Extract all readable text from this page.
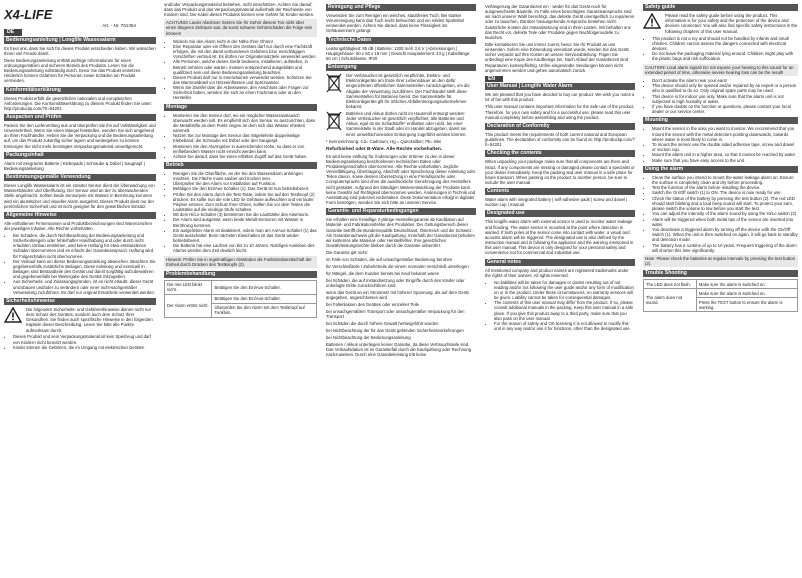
X4-LIFE

Art. - Nr. 701364

DE
Bedienungsanleitung | Longlife Wassesalarm

Es freut uns, dass Sie sich für dieses Produkt entschieden haben. Wir wünschen Ihnen viel Freude damit.

Diese Bedienungsanleitung enthält wichtige Informationen für einen ordnungsgemäßen und sicheren Betrieb des Produkts. Lesen Sie die Bedienungsanleitung vollständig durch, bevor Sie das Produkt einsetzen. Hinderlich können Gefahren für Personen sowie Schäden am Produkt vermieden.

Konformitätserklärung

Dieses Produkt erfüllt die gesetzlichen nationalen und europäischen Anforderungen. Die Konformitätserklärung zu diesem Produkt finden Sie unter: http://productip.com/?h=54201

Auspacken und Prüfen

Packen Sie den Lieferumfang aus und überprüfen Sie ihn auf Vollständigkeit und Unversehrtheit. Wenn Sie einen Mangel feststellen, wenden Sie sich umgehend an Ihren Fachhändler. Heben Sie die Verpackung und die Bedienungsanleitung auf, um das Produkt zukünftig sicher lagern und weitergeben zu können. Entsorgen Sie nicht mehr benötigtes Verpackungsmaterial umweltgerecht.

Packungsinhalt

Alarm mit integrierter Batterie | Klebepads | Schraube & Dübel | Saugnapf | Bedienungsanleitung

Bestimmungsgemäße Verwendung

Dieser Longlife Wassesalarm ist ein smarter Sensor dient der Überwachung von Wasserständen und Überflutung. Der Sensor wird an der zu überwachenden Stelle angebracht. Sollten beide Sensorpole mit Wasser in Berührung kommen wird ein akustischer und visueller Alarm ausgelöst. Dieses Produkt dient nur der persönlichen Sicherheit und ist nicht geeignet für den gewerblichen Einsatz.

Allgemeine Hinweise

Alle enthaltenen Firmennamen und Produktbezeichnungen sind Warenzeichen der jeweiligen Inhaber. Alle Rechte vorbehalten.

• Bei Schäden, die durch Nichtbeachtung der Bedienungsanleitung und Sicherheitsregeln oder fehlerhafter Handhabung und oder durch nicht erlaubten Umbau entstehen, wird keine Haftung für etwa entstandenen Schaden übernommen und es erlischt der Garantieanspruch. Haftung wird für Folgeschäden nicht übernommen.
• Der Verkauf kann ein dieser Bedienungsanleitung abweichen. Beachten Sie gegebenenfalls zusätzliche Beilagen. Diese Anleitung und eventuell in Beilagen sind Bestandteile des Geräts und damit sorgfältig aufzubewahren und gegebenenfalls bei Weitergabe des Geräts mitzugeben.
• Aus Sicherheits- und Zulassungsgründen, ist es nicht erlaubt, dieser Gerät umzubauen und/oder zu verändern oder einer nicht-sachgemäßer Verwendung zuzuführen. Es darf nur original Ersatzteile verwendet werden.
Sicherheitshinweise

Die folgenden Sicherheits- und Gefahrenhinweise dienen nicht nur dem Schutz des Gerätes, sondern auch dem Schutz Ihrer Gesundheit. Sie finden auch spezifische Hinweise in den folgenden Kapiteln dieser Beschreibung. Lesen Sie bitte alle Punkte aufmerksam durch:

• Dieses Produkt und sein Verpackungsmaterial ist kein Spielzeug und darf von Kindern nicht benutzt werden.
• Kinder können die Gefahren, die im Umgang mit elektrischen Geräten

und/oder Verpackungsmaterial bestehen, nicht einschätzen. Achten Sie darauf, dass das Produkt und das Verpackungsmaterial außerhalb der Reichweite von Kindern sind. Die Kabel dieses Produkts können eine Gefahr für Kinder werden.

ACHTUNG! Lauter Alarmton! Setzen Sie Ihr Gehör diesem Ton nicht über einen längeren Zeitraum aus, da sonst schwere Gehörschäden die Folge sein können!

• Wickeln Sie den Alarm nicht in der Nähe Ihrer Ohren!
• Eine Reparatur oder ein Öffnen des Gerätes darf nur durch eine Fachkraft erfolgen, die mit den damit verbundenen Gefahren bzw. einschlägigen Vorschriften vertraut ist. Es dürfen nur Originalersatzteile verwendet werden.
• Alle Personen, welche dieses Gerät bedienen, installieren, aufstellen, in Betrieb nehmen oder warten, müssen entsprechend ausgebildet und qualifiziert sein und diese Bedienungsanleitung beachten.
• Dieses Produkt darf nur in Innenräumen verwendet werden. Schützen Sie das Warnmeldeteil vor Hitzeeinflüssen und Spritzwasser.
• Wenn Sie Zweifel über die Arbeitsweise, den Anschluss oder Fragen zur Sicherheit haben, wenden Sie sich an einen Fachmann oder an den Hersteller.
Montage
• Montieren Sie den Sensor dort, wo ein möglicher Wasseranstausch überwacht werden soll. Es empfiehlt sich den Sensor so auszurichten, dass die Metallstifte an dem Punkt zeigen an dem sich das Wasser ehesten sammelt.
• Nutzen Sie zur Montage des Sensor das mitgelieferte doppelseitige Klebeband, die Schraube mit Dübel oder den Saugnapf.
• Montieren Sie den Alarmgeber in ausreichender Höhe, so dass er von einfließendem Wasser nicht erreicht werden kann.
• Achten Sie darauf, dass Sie einen erfüllten Zugriff auf das Gerät haben.
Betrieb
• Reinigen Sie die Oberfläche, an der Sie den Wassesalarm anbringen möchten. Die Fläche muss sauber und trocken sein.
• Überprüfen Sie den Alarm vor Installation auf Funktion.
• Betätigen Sie den Ein/Aus Schalter (1). Das Gerät ist nun betriebsbereit.
• Prüfen Sie den Alarm durch die Test-Taste, indem Sie auf den Testknopf (2) drücken. Es sollte nun die rote LED im Gehäuse aufleuchten und ein lauter Piepton ertönen. Zum Schutz Ihrer Ohren, sollten Sie vor dem Testen die Lautstärke auf die niedrige Stufe schalten.
• Mit dem Hi/Lo-Schalter (3) bestimmen Sie die Lautstärke des Alarmtons.
• Der Alarm wird ausgelöst, wenn beide Metall-Sensoren mit Wasser in Berührung kommen.
• Ein ausgelöster Alarm ist deaktiviert, indem man am An/Aus Schalter (1) das Gerät ausschaltet. Beim nächsten Einschalten ist das Gerät wieder betriebsbereit.
• Die Batterie hat eine Laufzeit von bis zu 10 Jahren. Nützliges Ausloben des Alarms werden dem Zeit deutlich leicht.

Hinweis: Prüfen Sie in regelmäßigen Abständen die Funktionsbereitschaft der Einheit durch Drücken des Testknopfs (2).

Problembehandlung
Die rote LED blinkt nicht.	Betätigen Sie den Ein/Aus-Schalter.
Der Alarm ertönt nicht.	Betätigen Sie den Ein/Aus-Schalter.
	Überprüfen Sie den Alarm mit dem Testknopf auf Funktion.
Reinigung und Pflege

Verwenden Sie zum Reinigen ein weiches, staubfreies Tuch. Bei starker Verunreinigung kann das Tuch leicht befeuchtet und ein mildes Spülmittel verwendet werden. Achten Sie darauf, dass keine Flüssigkeit ins Gehäuseinnere gelangt.

Technische Daten

Leistungsfähigkeit: 85 dB | Batterie: 1200 mAh 3,6 V | Abmessungen | Hauptgehäuse: 50 x 50 x 18 mm | Gewicht Hauptelement: 43 g | Kabellänge: 50 cm | Schutzklasse: IP20

Entsorgung

Der Verbraucher ist gesetzlich verpflichtet, Elektro- und Elektronikgeräte am Ende ihrer Lebensdauer an den dafür eingerichteten öffentlichen Sammelstellen zurückzugeben, um die Abgabe der Verwertung zuzuführen. Der Fachhandel stellt diese Sammelstellen für Batterien bereit. Die Sammelstelle für Elektronikgeräte gilt für örtliches Abfallentsorgungsunternehmen bekannt.

Batterien und Akkus dürfen nicht im Hausmüll entsorgt werden! Jeder Verbraucher ist gesetzlich verpflichtet, alle Batterien und Akkus, egal ob sie Schadstoffe* enthalten oder nicht, bei einer Sammelstelle in der Stadt oder im Handel abzugeben, damit sie einer umweltschonenden Entsorgung zugeführt werden können.

* Kennzeichnung: Cd= Cadmium; Hg = Quecksilber; Pb= Blei

Refurbished oder B-Ware. Alle Rechte vorbehalten.

Es wird keine Haftung für Änderungen oder Irrtümer zu den in dieser Bedienungsanleitung beschriebenen technischen Daten oder Produkteigenschaften übernommen. Alle Rechte vorbehalten. Jegliche Vervielfältigung, Übertragung, Abschrift oder Speicherung dieser Anleitung oder Teilen davon, sowie dessen Übersetzung in eine Fremdsprache oder Computersprache sind ohne die ausdrückliche Genehmigung des Herstellers nicht gestattet. Aufgrund der ständigen Weiterentwicklung der Produkte kann keine Gewähr auf Richtigkeit übernommen werden. Änderungen in Technik und Ausstattung sind jederzeit vorbehalten. Diese Dokumentation erfolgt in digitaler Form benötigen, wenden Sie sich bitte an unseren Service.

Garantie- und Reparaturbedingungen

Sie erhalten eine freiwillige 2-jährige Herstellergarantie ab Kaufdatum auf Material- und Fabrikationsfehler des Produktes. Der Geltungsbereich dieser Garantie betrifft die Bundesrepublik Deutschland, Österreich und die Schweiz. Als Garantienachweis gilt die Kaufquittung. Innerhalb der Garantiezeit beheben wir kostenlos alle Material- oder Herstellfehler. Ihre gesetzlichen Gewährleistungsrechte bleiben durch die Garantie unberührt.

Die Garantie gilt nicht:

im Falle von Schäden, die auf unsachgemäßer Bedienung beruhen

für Verschleißteile / Zubehörteile die einem normalen Verschleiß unterliegen

für Mängel, die dem Kunden bereits bei Kauf bekannt waren

bei Schäden, die auf Instandsetzung oder Eingriffe durch den Käufer oder unbefugte Dritte zurückzuführen sind

wenn das Gerät an ein Stromnetz mit höherer Spannung, als auf dem Gerät angegeben, angeschlossen wird

bei Fallenlassen des Gerätes oder einzelner Teile

bei unsachgemäßem Transport oder unsachgemäßer Verpackung für den Transport

bei Schäden die durch höhere Gewalt herbeigeführt wurden

bei Nichtbeachtung der für das Gerät geltenden Sicherheitsvorkehrungen

bei Nichtbeachtung der Bedienungsanleitung

Batterien / Akkus unterliegen keiner Garantie, da diese Verbrauchsteile sind. Das Verkaufsdatum ist im Garantiefall durch die Kaufquittung oder Rechnung nachzuweisen. Durch eine Garantieleistung tritt keine

Verlängerung der Garantiezeit ein - weder für das Gerät noch für ausgewechselte Bauteile. Im Falle eines berechtigten Garantieanspruchs sind wir nach unserer Wahl berechtigt, das defekte Gerät unentgeltlich zu reparieren oder zu tauschen. Darüber hinausgehende Ansprüche bestehen nicht. Zusätzliche Kosten der Instandsetzung sind in Ihren Lasten. Wir behalten uns das Recht vor, defekte Teile oder Produkte gegen Nachfolgemodelle zu tauschen.

Bitte kontaktieren Sie uns immer zuerst, bevor Sie Ihr Produkt an uns einsenden. Sofern eine Einsendung vereinbart wurde, senden Sie das Gerät sicher verpackt auf Ihre Kosten an unsere Serviceabteilung. Fügen Sie unbedingt eine Kopie des Kaufbelegs bei. Nach Ablauf der Garantiezeit sind Reparaturen kostenpflichtig. Unfrei eingesandte Sendungen können nicht angenommen werden und gehen automatisch zurück.

EN
User Manual | Longlife Water Alarm

We are pleased that you have decided to buy our product. We wish you notes a lot of fun with this product.

This user manual contains important information for the safe use of the product. Therefore, for your own safety and for a successful use, please read this user manual completely before assembling and using the product.

Declaration of Conformity

This product meets the requirements of both current national and European guidelines. The declaration of conformity can be found at: http://productip.com/?h=54201

Checking the contents

When unpacking your package make sure that all components are there and intact. If any components are missing or damaged please contact a specialist or your dealer immediately. Keep the packing and user manual in a safe place for future transport. When passing on the product to another person, be sure to include the user manual.

Contents

Water alarm with integrated battery | self-adhesive pads | screw and dowel | suction cup | manual

Designated use

This longlife water alarm with external sensor is used to monitor water leakage and flooding. The water sensor is mounted at the point where detection is wanted. If both poles at the sensor come into contact with water, a visual and acoustic alarm will be triggered. The designated use is also defined by the instruction manual and in following the appliance and the warning mentioned in this user manual. This device is only designed for your personal safety and convenience not for commercial and industrial use.

General notes

All mentioned company and product names are registered trademarks under the rights of their owners. All rights reserved.

• No liabilities will be taken for damages or claims resulting out of not reading and/or not following the user guide and/or any form of modification on or in the product. Under these circumstances, no warranty services will be given. Liability cannot be taken for consequential damages.
• The contents of this user manual may differ from the product. If so, please consult additional manuals in the packing. Keep this user manual in a safe place. If you give this product away to a third party, make sure that you also pass on the user manual.
• For the reason of safety and CE-licensing it is not allowed to modify this unit in any way and/or use it for functions, other than the designated use.
Safety guide

Please read the safety guide before using the product. This information is for your safety and the protection of the device and devices connected. You will also find specific safety instructions in the following chapters of this user manual.

• This product is not a toy and should not be handled by infants and small children. Children cannot assess the dangers connected with electrical devices.
• Do not leave the packaging material lying around. Children might play with the plastic bags and risk suffocation.

CAUTION! Loud alarm signal! Do not expose your hearing to this sound for an extended period of time, otherwise severe hearing loss can be the result!

• Don't activate the alarm near your ears!
• This device should only be opened and/or repaired by an expert or a person who is qualified to do so. Only original spare parts may be used.
• This device is for indoor use only. Make sure that the alarm unit is not subjected to high humidity or water.
• If you have doubts on the function or questions, please contact your local dealer or our service center.
Mounting
• Mount the sensor in the area you want to monitor. We recommend that you mount the sensor with the metal detectors pointing downwards, towards where water is most likely to come in.
• To mount the sensor use the double sided adhesive tape, screw and dowel or suction cup.
• Mount the alarm unit in a higher area, so that it cannot be reached by water.
• Make sure that you have easy access to the unit.
Using the alarm
• Clean the surface you intend to mount the water leakage alarm on. Ensure the surface is completely clean and dry before proceeding.
• Test the function of the alarm before installing the device.
• Switch the On/Off switch (1) to ON. The device is now ready for use.
• Check the status of the battery by pressing the test button (2). The red LED should start blinking and a loud beep sound will start. To protect your ears, please switch the volume to low before you start the test.
• You can adjust the intensity of the alarm sound by using the Hi/Lo switch (3).
• Alarm will be triggered when both metal tips of the sensor are inserted into water.
• You deactivate a triggered alarm by turning off the device with the On/Off switch (1). When the unit is then switched on again, it will go back to standby and detection mode.
• The battery has a runtime of up to 10 years. Frequent triggering of the alarm will shorten this time significantly.

Note: Please check the batteries at regular intervals by pressing the test button (2).

Trouble Shooting
The LED does not flash.	Make sure the alarm is switched on.
The alarm does not sound.	Make sure the alarm is switched on.
	Press the TEST button to ensure the alarm is working.
